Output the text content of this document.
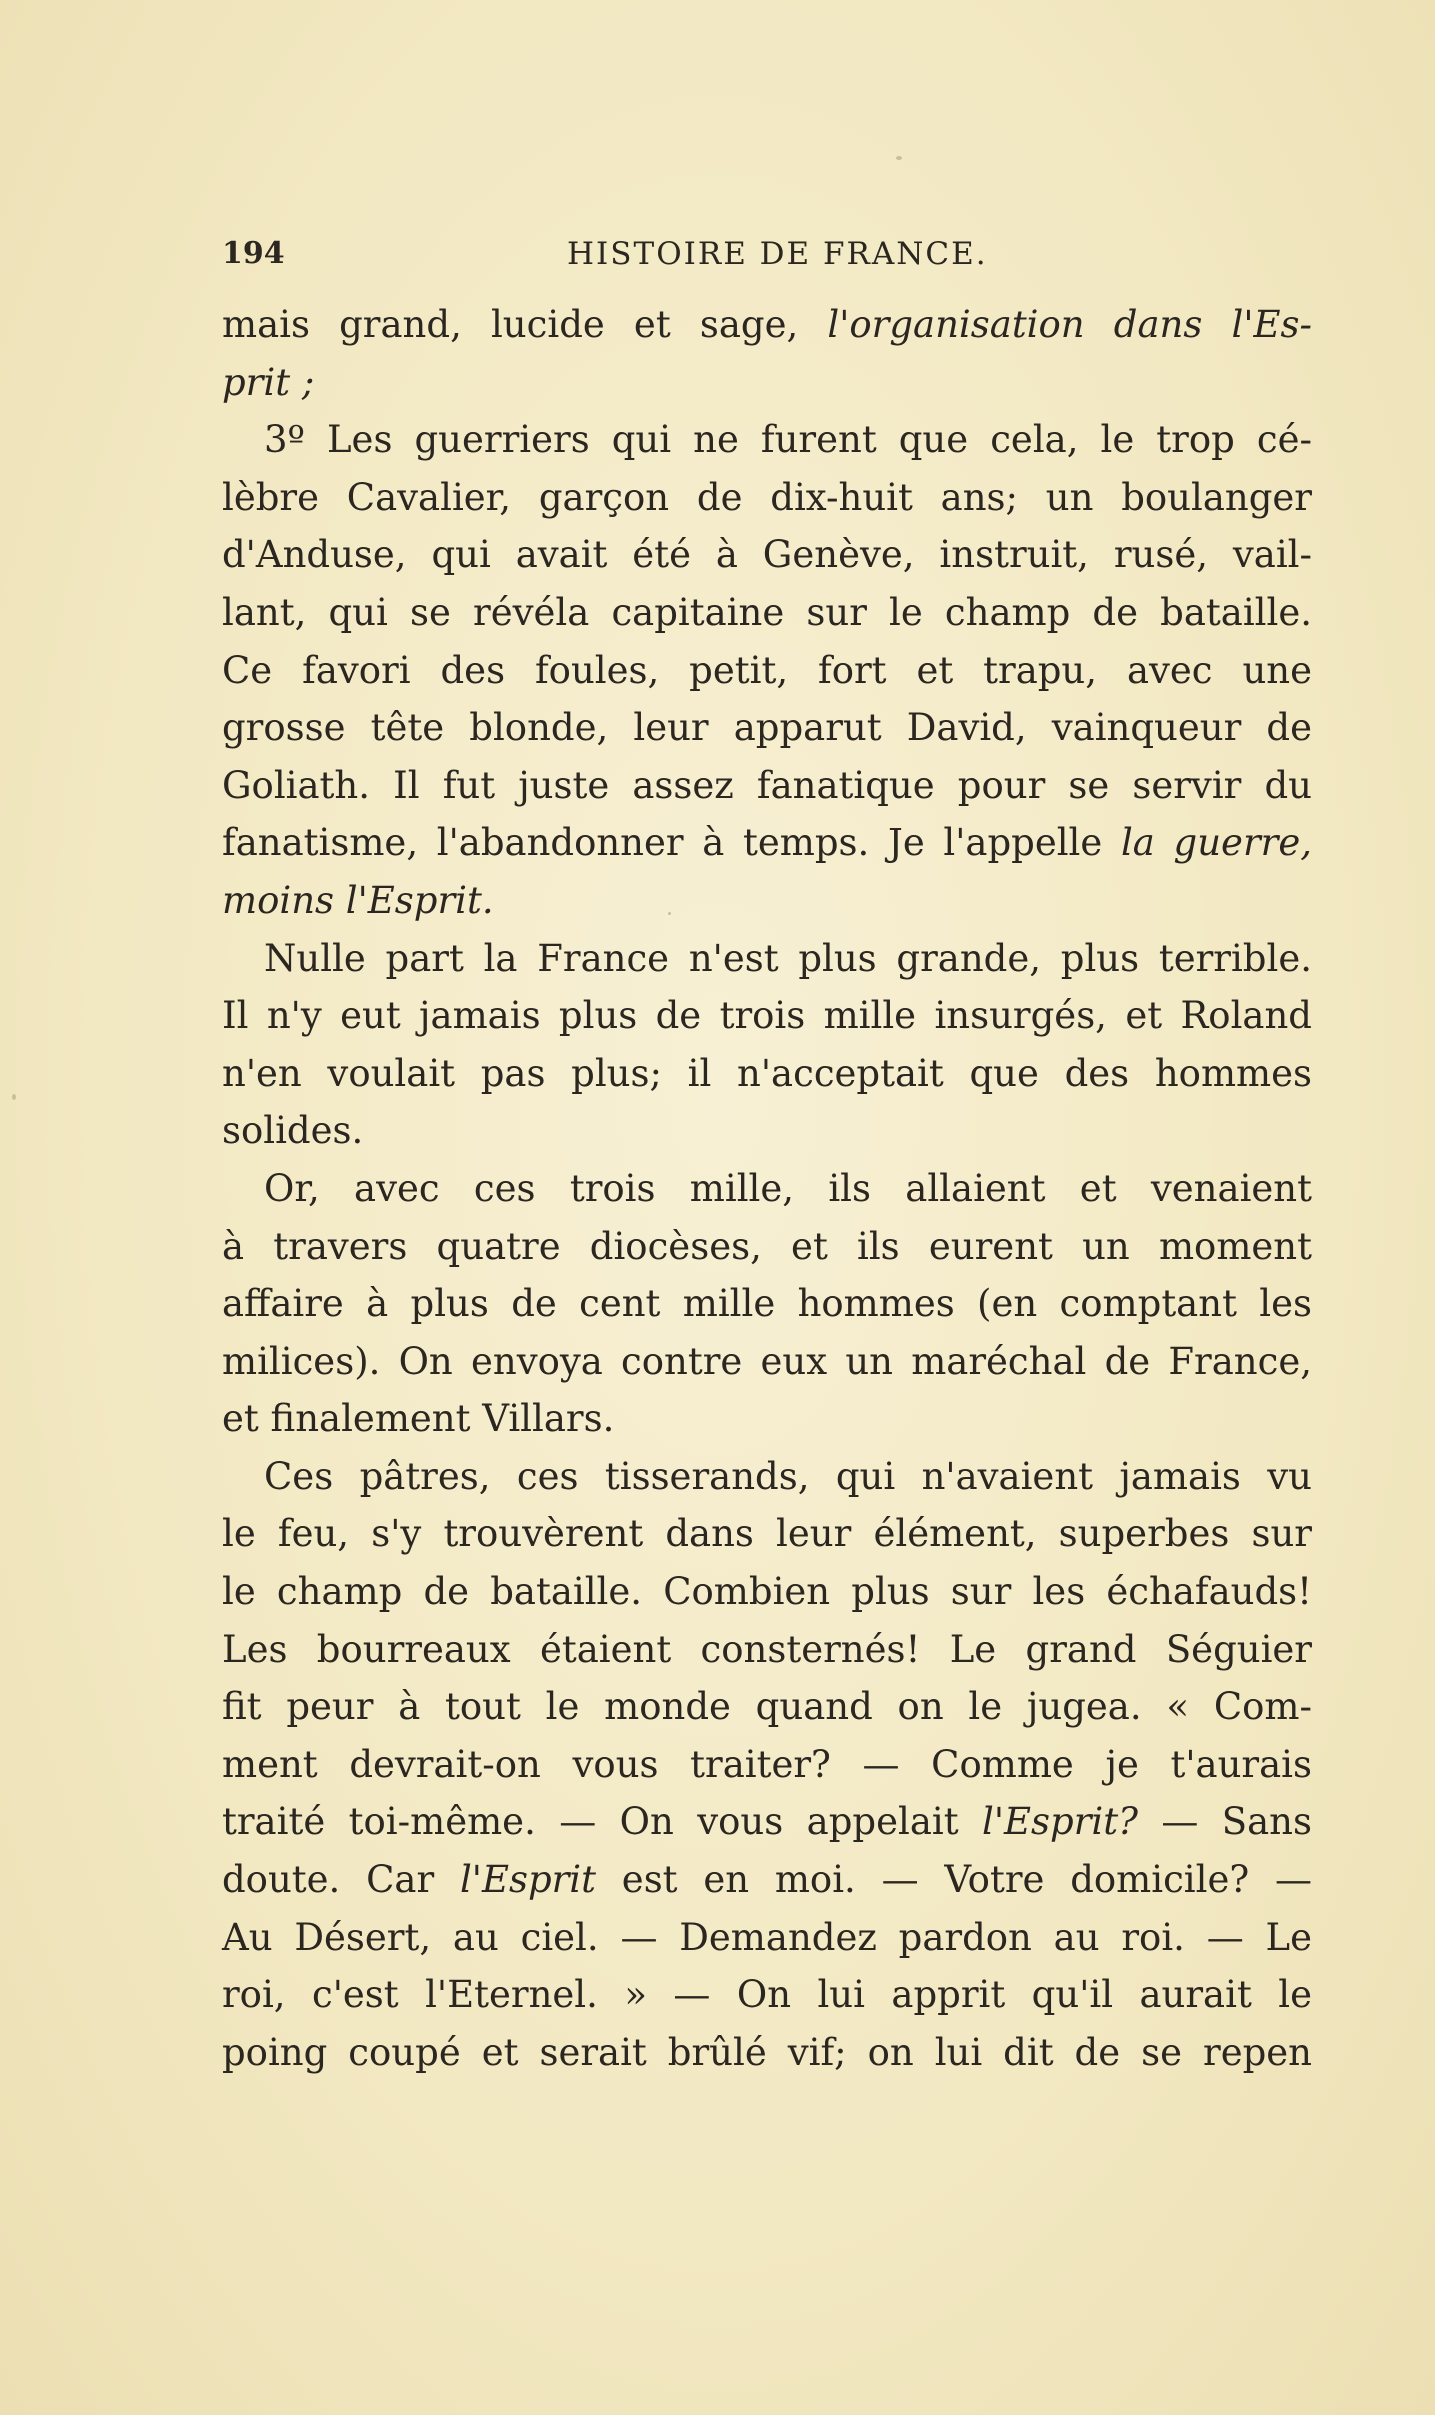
194	HISTOIRE DE FRANCE.
mais grand, lucide et sage, l'organisation dans l'Es-
prit ;
3º Les guerriers qui ne furent que cela, le trop cé-
lèbre Cavalier, garçon de dix-huit ans; un boulanger
d'Anduse, qui avait été à Genève, instruit, rusé, vail-
lant, qui se révéla capitaine sur le champ de bataille.
Ce favori des foules, petit, fort et trapu, avec une
grosse tête blonde, leur apparut David, vainqueur de
Goliath. Il fut juste assez fanatique pour se servir du
fanatisme, l'abandonner à temps. Je l'appelle la guerre,
moins l'Esprit.
Nulle part la France n'est plus grande, plus terrible.
Il n'y eut jamais plus de trois mille insurgés, et Roland
n'en voulait pas plus; il n'acceptait que des hommes
solides.
Or, avec ces trois mille, ils allaient et venaient
à travers quatre diocèses, et ils eurent un moment
affaire à plus de cent mille hommes (en comptant les
milices). On envoya contre eux un maréchal de France,
et finalement Villars.
Ces pâtres, ces tisserands, qui n'avaient jamais vu
le feu, s'y trouvèrent dans leur élément, superbes sur
le champ de bataille. Combien plus sur les échafauds!
Les bourreaux étaient consternés! Le grand Séguier
fit peur à tout le monde quand on le jugea. « Com-
ment devrait-on vous traiter? — Comme je t'aurais
traité toi-même. — On vous appelait l'Esprit? — Sans
doute. Car l'Esprit est en moi. — Votre domicile? —
Au Désert, au ciel. — Demandez pardon au roi. — Le
roi, c'est l'Eternel. » — On lui apprit qu'il aurait le
poing coupé et serait brûlé vif; on lui dit de se repen
